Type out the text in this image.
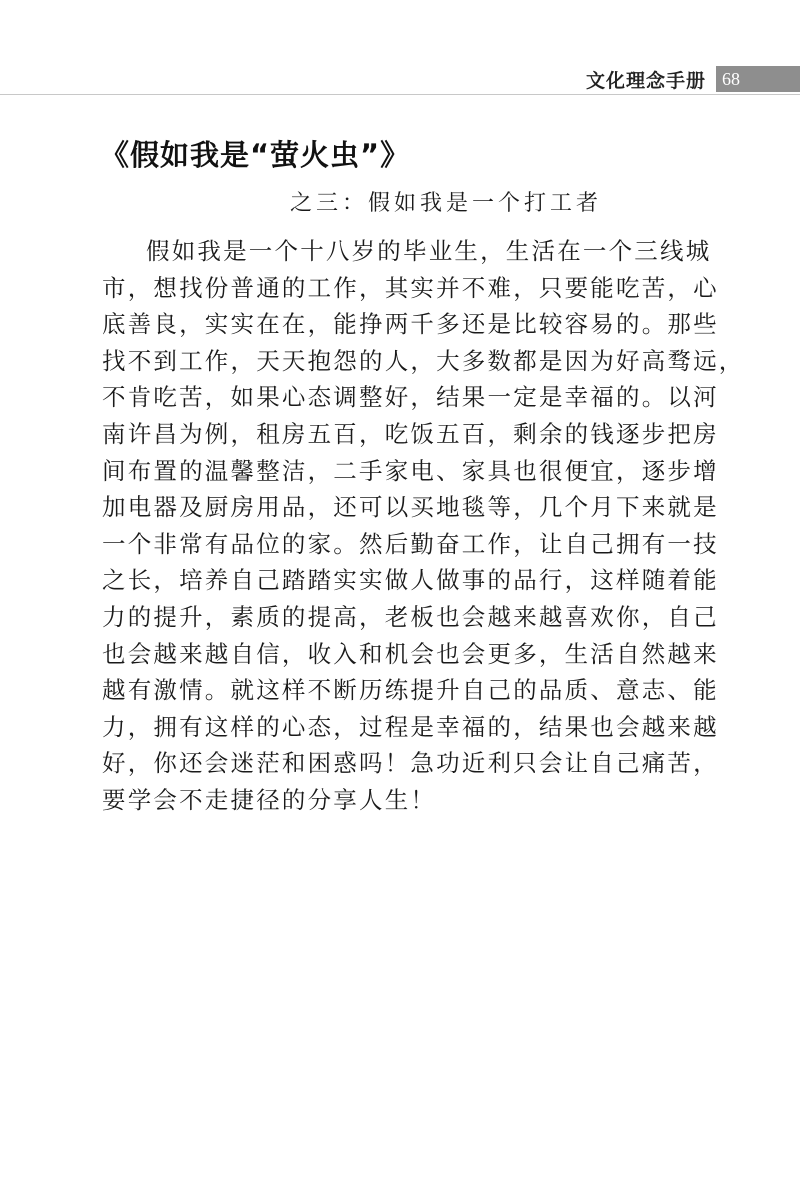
文化理念手册 68
《假如我是“萤火虫”》
之三：假如我是一个打工者
假如我是一个十八岁的毕业生，生活在一个三线城
市，想找份普通的工作，其实并不难，只要能吃苦，心
底善良，实实在在，能挣两千多还是比较容易的。那些
找不到工作，天天抱怨的人，大多数都是因为好高骛远，
不肯吃苦，如果心态调整好，结果一定是幸福的。以河
南许昌为例，租房五百，吃饭五百，剩余的钱逐步把房
间布置的温馨整洁，二手家电、家具也很便宜，逐步增
加电器及厨房用品，还可以买地毯等，几个月下来就是
一个非常有品位的家。然后勤奋工作，让自己拥有一技
之长，培养自己踏踏实实做人做事的品行，这样随着能
力的提升，素质的提高，老板也会越来越喜欢你，自己
也会越来越自信，收入和机会也会更多，生活自然越来
越有激情。就这样不断历练提升自己的品质、意志、能
力，拥有这样的心态，过程是幸福的，结果也会越来越
好，你还会迷茫和困惑吗！急功近利只会让自己痛苦，
要学会不走捷径的分享人生！
